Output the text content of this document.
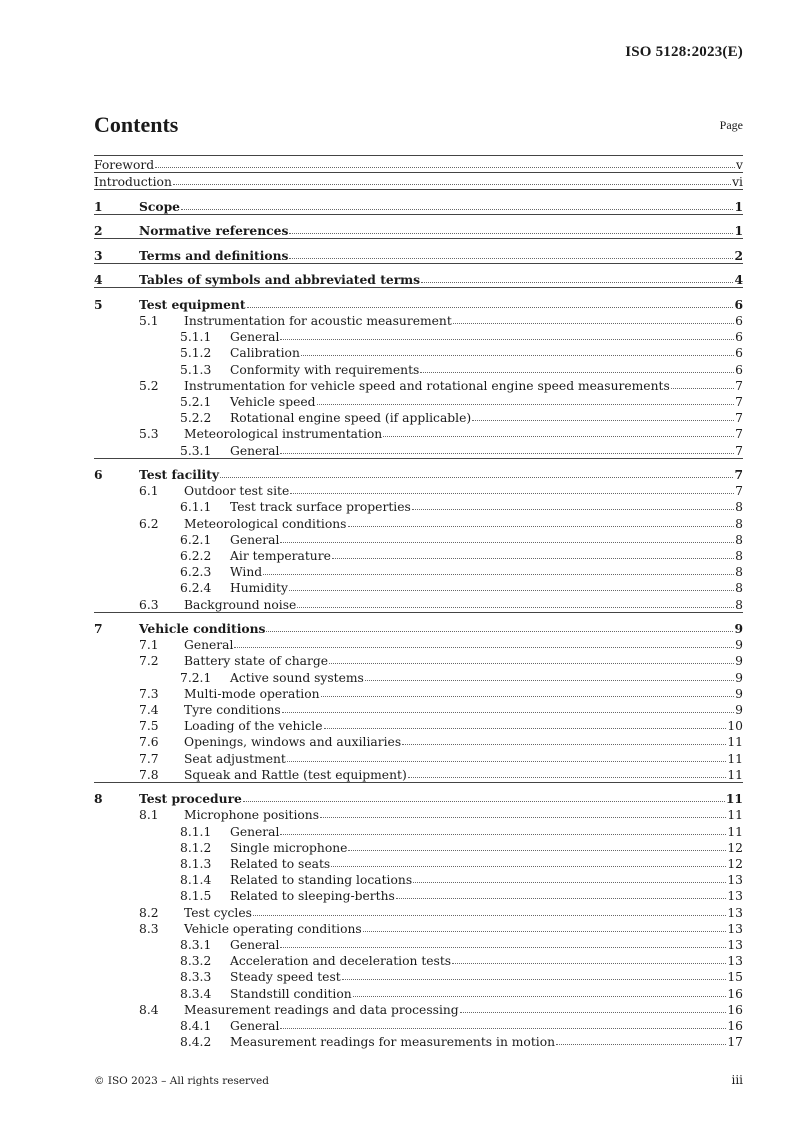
ISO 5128:2023(E)
Contents	Page
Foreword	v
Introduction	vi
1	Scope	1
2	Normative references	1
3	Terms and definitions	2
4	Tables of symbols and abbreviated terms	4
5	Test equipment	6
5.1	Instrumentation for acoustic measurement	6
5.1.1	General	6
5.1.2	Calibration	6
5.1.3	Conformity with requirements	6
5.2	Instrumentation for vehicle speed and rotational engine speed measurements	7
5.2.1	Vehicle speed	7
5.2.2	Rotational engine speed (if applicable)	7
5.3	Meteorological instrumentation	7
5.3.1	General	7
6	Test facility	7
6.1	Outdoor test site	7
6.1.1	Test track surface properties	8
6.2	Meteorological conditions	8
6.2.1	General	8
6.2.2	Air temperature	8
6.2.3	Wind	8
6.2.4	Humidity	8
6.3	Background noise	8
7	Vehicle conditions	9
7.1	General	9
7.2	Battery state of charge	9
7.2.1	Active sound systems	9
7.3	Multi-mode operation	9
7.4	Tyre conditions	9
7.5	Loading of the vehicle	10
7.6	Openings, windows and auxiliaries	11
7.7	Seat adjustment	11
7.8	Squeak and Rattle (test equipment)	11
8	Test procedure	11
8.1	Microphone positions	11
8.1.1	General	11
8.1.2	Single microphone	12
8.1.3	Related to seats	12
8.1.4	Related to standing locations	13
8.1.5	Related to sleeping-berths	13
8.2	Test cycles	13
8.3	Vehicle operating conditions	13
8.3.1	General	13
8.3.2	Acceleration and deceleration tests	13
8.3.3	Steady speed test	15
8.3.4	Standstill condition	16
8.4	Measurement readings and data processing	16
8.4.1	General	16
8.4.2	Measurement readings for measurements in motion	17
© ISO 2023 – All rights reserved	iii
